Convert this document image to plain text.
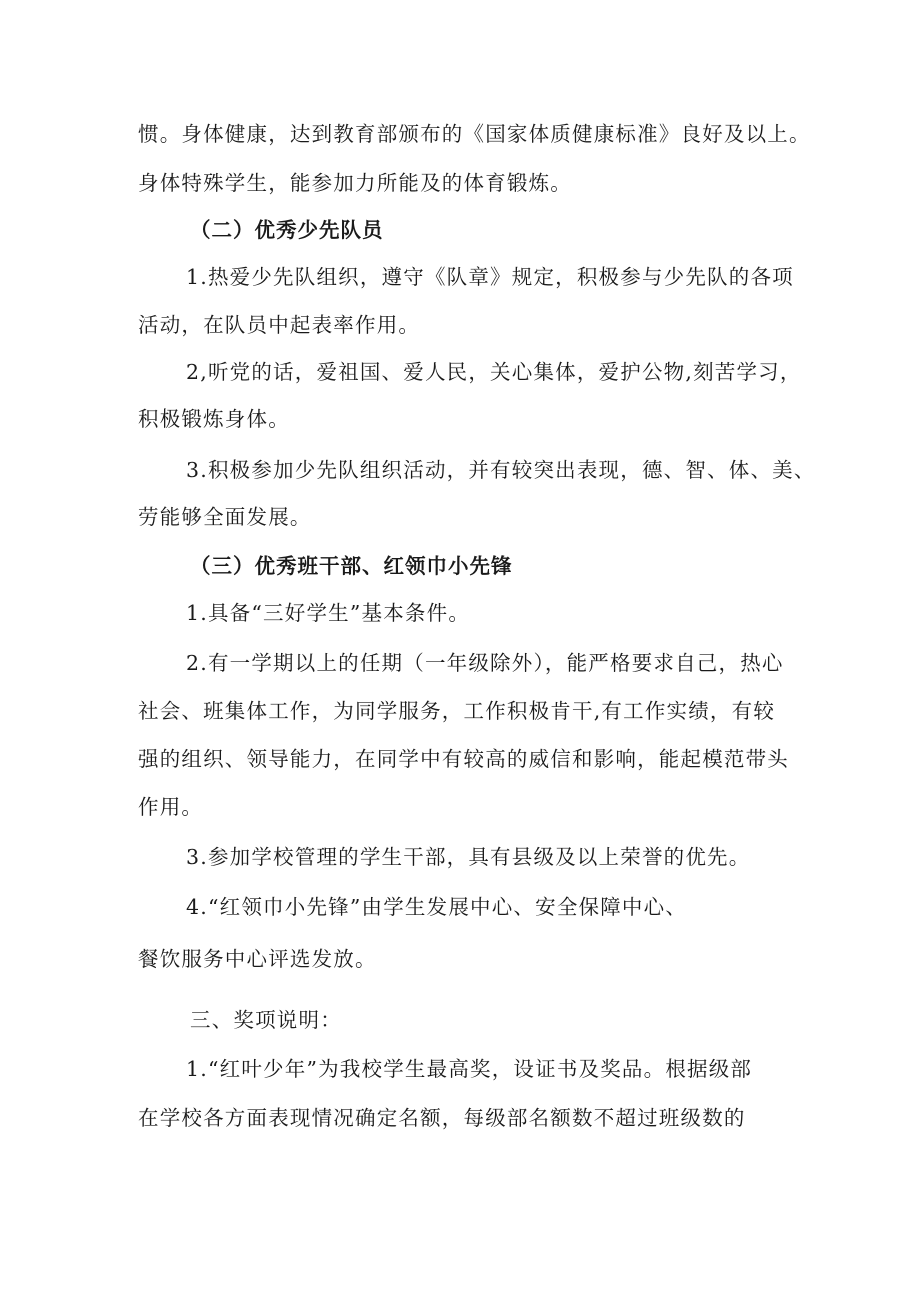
惯。身体健康，达到教育部颁布的《国家体质健康标准》良好及以上。
身体特殊学生，能参加力所能及的体育锻炼。
（二）优秀少先队员
1.热爱少先队组织，遵守《队章》规定，积极参与少先队的各项
活动，在队员中起表率作用。
2,听党的话，爱祖国、爱人民，关心集体，爱护公物,刻苦学习，
积极锻炼身体。
3.积极参加少先队组织活动，并有较突出表现，德、智、体、美、
劳能够全面发展。
（三）优秀班干部、红领巾小先锋
1.具备“三好学生”基本条件。
2.有一学期以上的任期（一年级除外），能严格要求自己，热心
社会、班集体工作，为同学服务，工作积极肯干,有工作实绩，有较
强的组织、领导能力，在同学中有较高的威信和影响，能起模范带头
作用。
3.参加学校管理的学生干部，具有县级及以上荣誉的优先。
4.“红领巾小先锋”由学生发展中心、安全保障中心、
餐饮服务中心评选发放。
三、奖项说明：
1.“红叶少年”为我校学生最高奖，设证书及奖品。根据级部
在学校各方面表现情况确定名额，每级部名额数不超过班级数的
